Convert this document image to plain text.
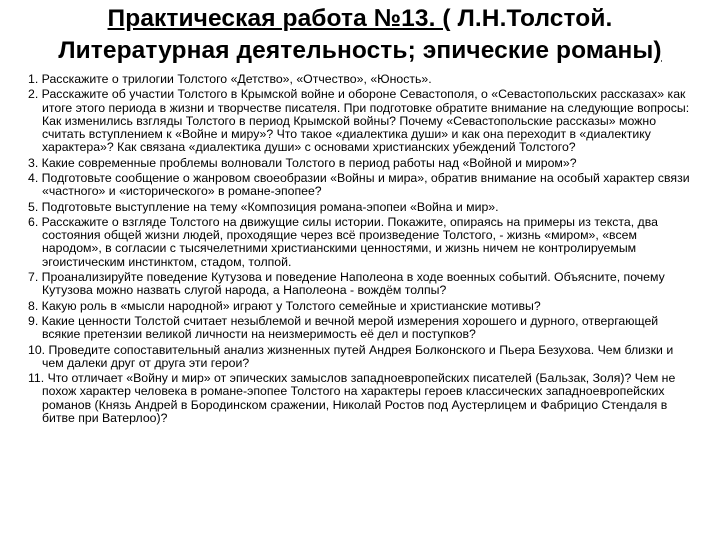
Практическая работа №13. ( Л.Н.Толстой.
Литературная деятельность; эпические романы)
1. Расскажите о трилогии Толстого «Детство», «Отчество», «Юность».
2. Расскажите об участии Толстого в Крымской войне и обороне Севастополя, о «Севастопольских рассказах» как итоге этого периода в жизни и творчестве писателя. При подготовке обратите внимание на следующие вопросы: Как изменились взгляды Толстого в период Крымской войны? Почему «Севастопольские рассказы» можно считать вступлением к «Войне и миру»? Что такое «диалектика души» и как она переходит в «диалектику характера»? Как связана «диалектика души» с основами христианских убеждений Толстого?
3. Какие современные проблемы волновали Толстого в период работы над «Войной и миром»?
4. Подготовьте сообщение о жанровом своеобразии «Войны и мира», обратив внимание на особый характер связи «частного» и «исторического» в романе-эпопее?
5. Подготовьте выступление на тему «Композиция романа-эпопеи «Война и мир».
6. Расскажите о взгляде Толстого на движущие силы истории. Покажите, опираясь на примеры из текста, два состояния общей жизни людей, проходящие через всё произведение Толстого, - жизнь «миром», «всем народом», в согласии с тысячелетними христианскими ценностями, и жизнь ничем не контролируемым эгоистическим инстинктом, стадом, толпой.
7. Проанализируйте поведение Кутузова и поведение Наполеона в ходе военных событий. Объясните, почему Кутузова можно назвать слугой народа, а Наполеона - вождём толпы?
8. Какую роль в «мысли народной» играют у Толстого семейные и христианские мотивы?
9. Какие ценности Толстой считает незыблемой и вечной мерой измерения хорошего и дурного, отвергающей всякие претензии великой личности на неизмеримость её дел и поступков?
10. Проведите сопоставительный анализ жизненных путей Андрея Болконского и Пьера Безухова. Чем близки и чем далеки друг от друга эти герои?
11. Что отличает «Войну и мир» от эпических замыслов западноевропейских писателей (Бальзак, Золя)? Чем не похож характер человека в романе-эпопее Толстого на характеры героев классических западноевропейских романов (Князь Андрей в Бородинском сражении, Николай Ростов под Аустерлицем и Фабрицио Стендаля в битве при Ватерлоо)?
